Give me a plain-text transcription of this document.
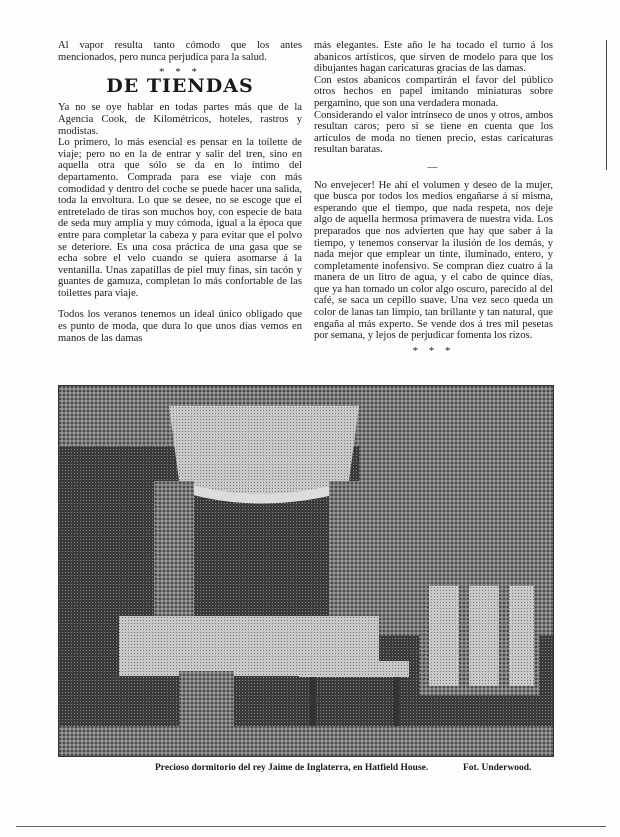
Al vapor resulta tanto cómodo que los antes mencionados, pero nunca perjudica para la salud.

* * *
DE TIENDAS

Ya no se oye hablar en todas partes más que de la Agencia Cook, de Kilométricos, hoteles, rastros y modistas.

Lo primero, lo más esencial es pensar en la toilette de viaje; pero no en la de entrar y salir del tren, sino en aquella otra que sólo se da en lo íntimo del departamento. Comprada para ese viaje con más comodidad y dentro del coche se puede hacer una salida, toda la envoltura. Lo que se desee, no se escoge que el entretelado de tiras son muchos hoy, con especie de bata de seda muy amplia y muy cómoda, igual a la época que entre para completar la cabeza y para evitar que el polvo se deteriore. Es una cosa práctica de una gasa que se echa sobre el velo cuando se quiera asomarse á la ventanilla. Unas zapatillas de piel muy finas, sin tacón y guantes de gamuza, completan lo más confortable de las toilettes para viaje.

Todos los veranos tenemos un ideal único obligado que es punto de moda, que dura lo que unos días vemos en manos de las damas

más elegantes. Este año le ha tocado el turno á los abanicos artísticos, que sirven de modelo para que los dibujantes hagan caricaturas gracias de las damas.

Con estos abanicos compartirán el favor del público otros hechos en papel imitando miniaturas sobre pergamino, que son una verdadera monada.

Considerando el valor intrínseco de unos y otros, ambos resultan caros; pero si se tiene en cuenta que los artículos de moda no tienen precio, estas caricaturas resultan baratas.

—

No envejecer! He ahí el volumen y deseo de la mujer, que busca por todos los medios engañarse á sí misma, esperando que el tiempo, que nada respeta, nos deje algo de aquella hermosa primavera de nuestra vida. Los preparados que nos advierten que hay que saber á la tiempo, y tenemos conservar la ilusión de los demás, y nada mejor que emplear un tinte, iluminado, entero, y completamente inofensivo. Se compran diez cuatro á la manera de un litro de agua, y el cabo de quince días, que ya han tomado un color algo oscuro, parecido al del café, se saca un cepillo suave. Una vez seco queda un color de lanas tan limpio, tan brillante y tan natural, que engaña al más experto. Se vende dos á tres mil pesetas por semana, y lejos de perjudicar fomenta los rizos.

* * *
Precioso dormitorio del rey Jaime de Inglaterra, en Hatfield House.	Fot. Underwood.
